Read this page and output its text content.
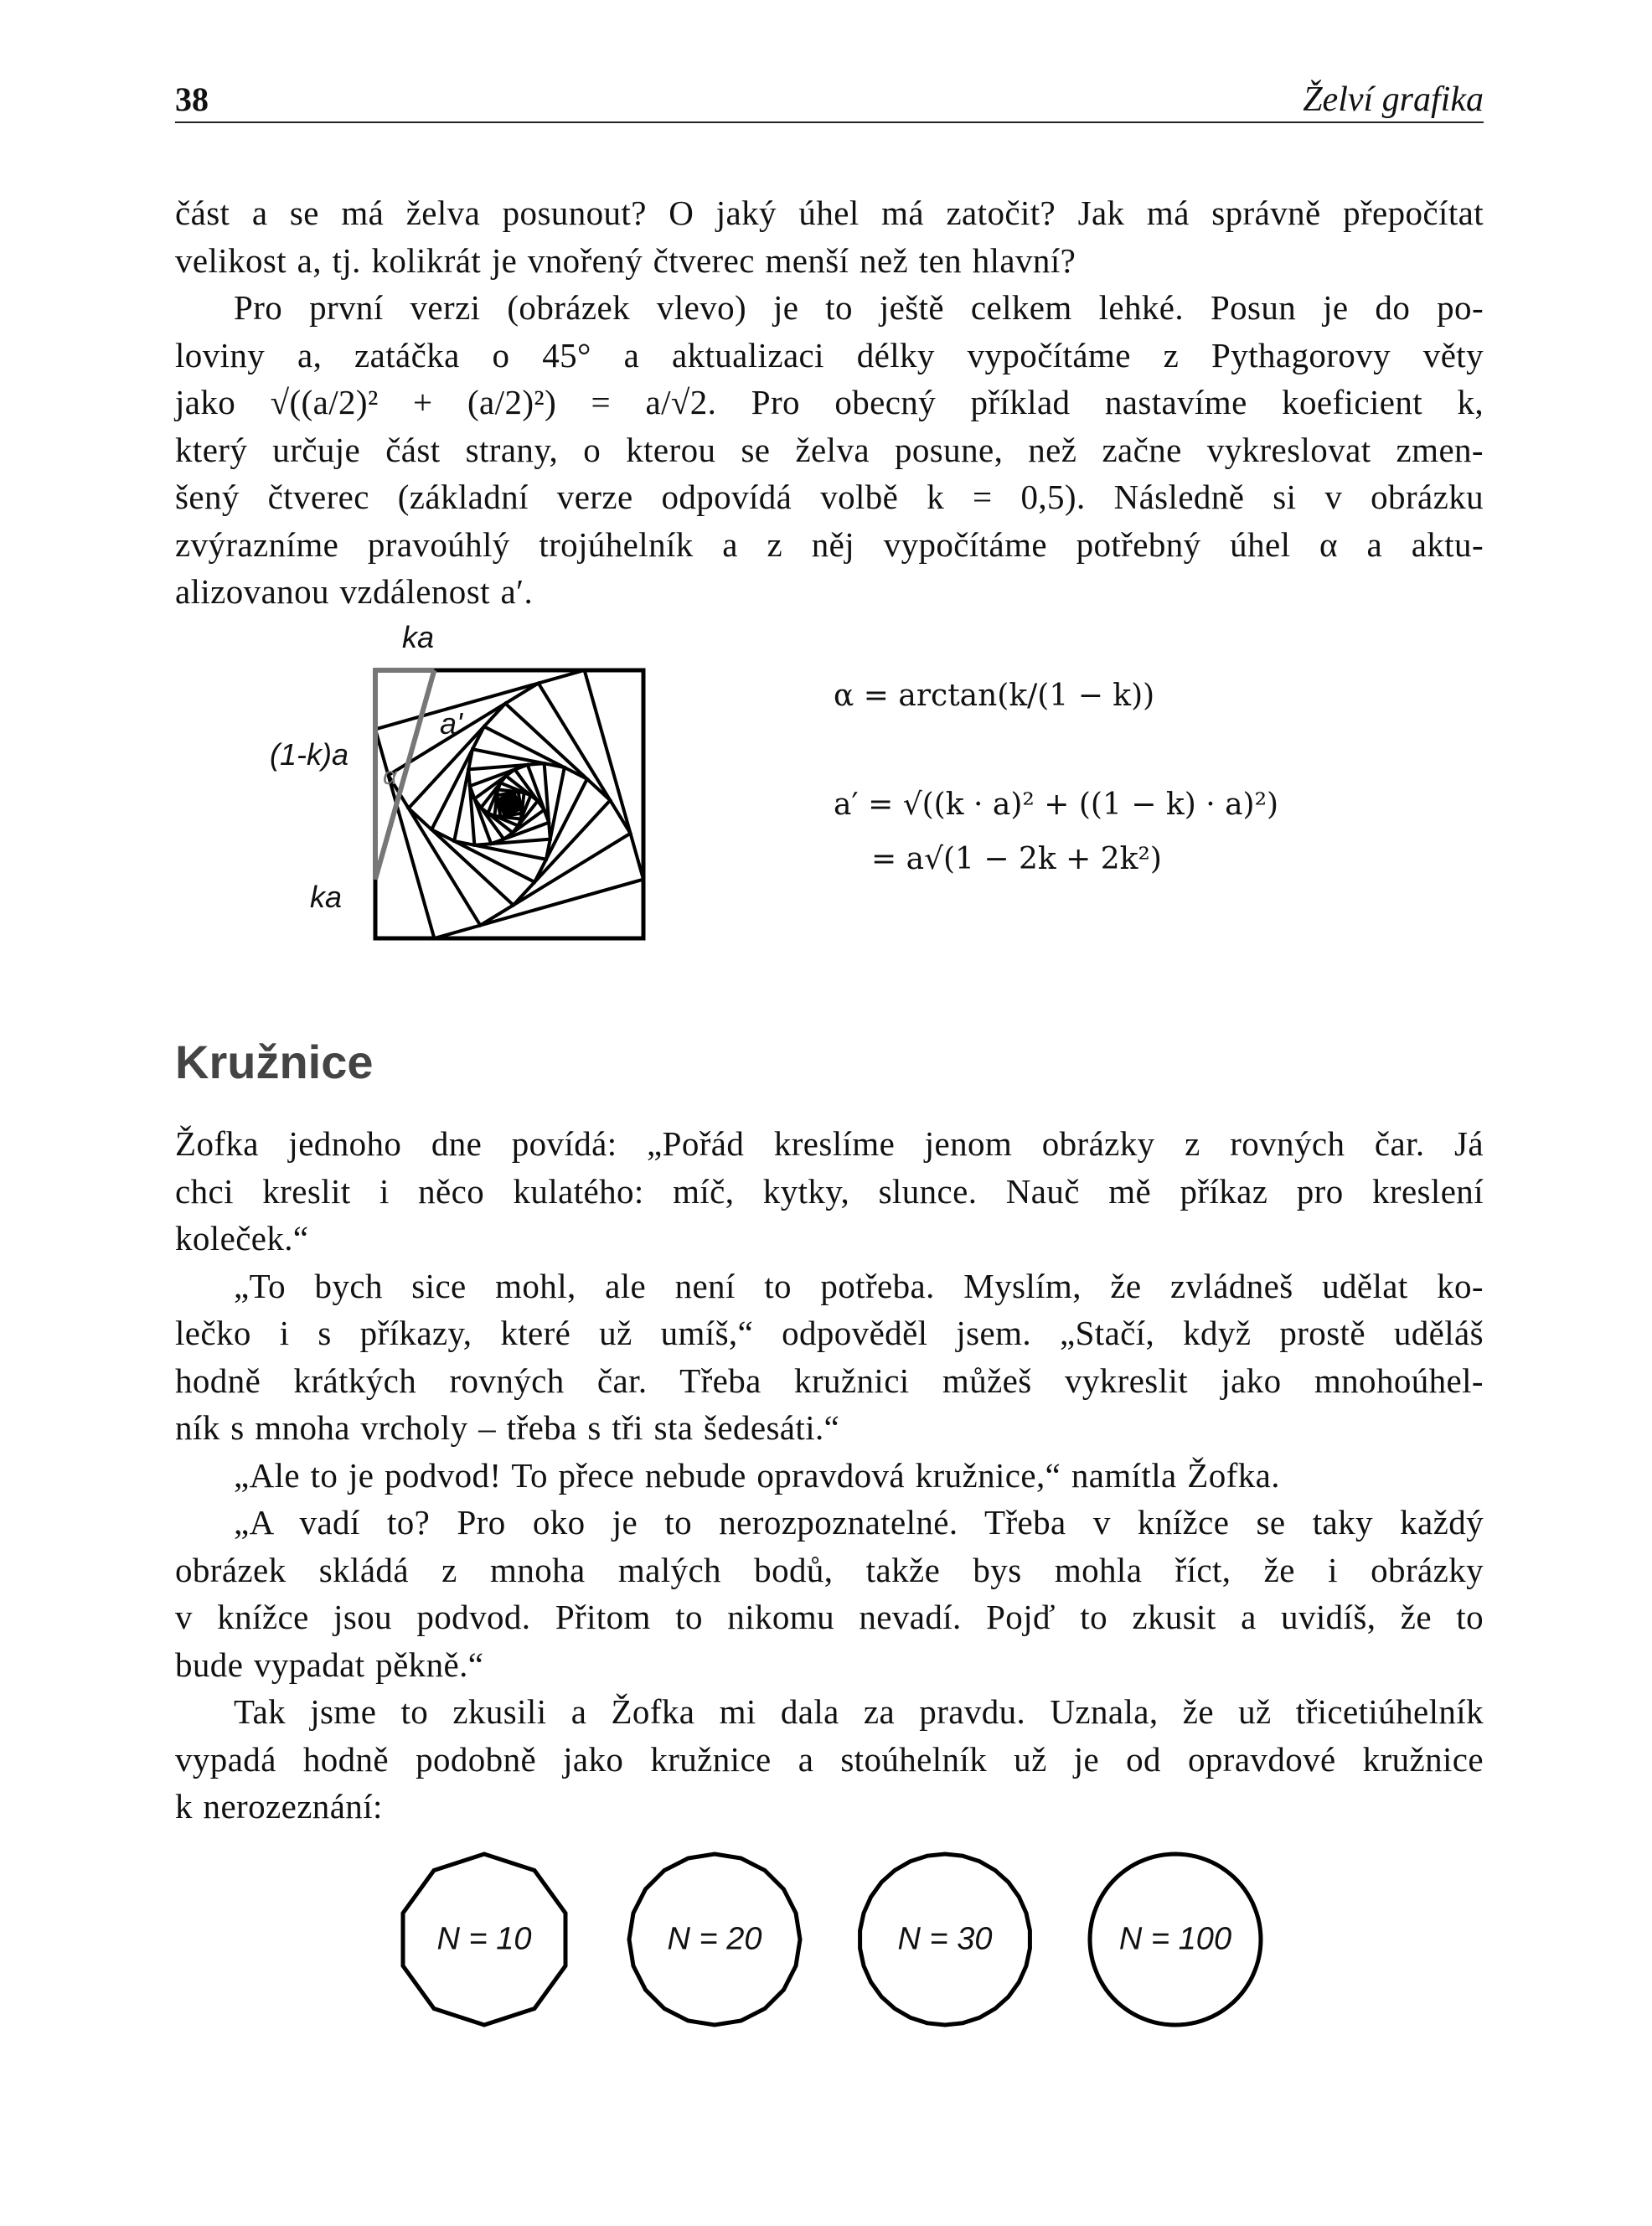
38	Želví grafika
část a se má želva posunout? O jaký úhel má zatočit? Jak má správně přepočítat
velikost a, tj. kolikrát je vnořený čtverec menší než ten hlavní?
Pro první verzi (obrázek vlevo) je to ještě celkem lehké. Posun je do po-
loviny a, zatáčka o 45° a aktualizaci délky vypočítáme z Pythagorovy věty
jako √((a/2)² + (a/2)²) = a/√2. Pro obecný příklad nastavíme koeficient k,
který určuje část strany, o kterou se želva posune, než začne vykreslovat zmen-
šený čtverec (základní verze odpovídá volbě k = 0,5). Následně si v obrázku
zvýrazníme pravoúhlý trojúhelník a z něj vypočítáme potřebný úhel α a aktu-
alizovanou vzdálenost a′.
ka
(1-k)a
ka
a'
α
α = arctan(k/(1 − k))
a′ = √((k · a)² + ((1 − k) · a)²)
= a√(1 − 2k + 2k²)
Kružnice
Žofka jednoho dne povídá: „Pořád kreslíme jenom obrázky z rovných čar. Já
chci kreslit i něco kulatého: míč, kytky, slunce. Nauč mě příkaz pro kreslení
koleček.“
„To bych sice mohl, ale není to potřeba. Myslím, že zvládneš udělat ko-
lečko i s příkazy, které už umíš,“ odpověděl jsem. „Stačí, když prostě uděláš
hodně krátkých rovných čar. Třeba kružnici můžeš vykreslit jako mnohoúhel-
ník s mnoha vrcholy – třeba s tři sta šedesáti.“
„Ale to je podvod! To přece nebude opravdová kružnice,“ namítla Žofka.
„A vadí to? Pro oko je to nerozpoznatelné. Třeba v knížce se taky každý
obrázek skládá z mnoha malých bodů, takže bys mohla říct, že i obrázky
v knížce jsou podvod. Přitom to nikomu nevadí. Pojď to zkusit a uvidíš, že to
bude vypadat pěkně.“
Tak jsme to zkusili a Žofka mi dala za pravdu. Uznala, že už třicetiúhelník
vypadá hodně podobně jako kružnice a stoúhelník už je od opravdové kružnice
k nerozeznání:
N = 10	N = 20	N = 30	N = 100
